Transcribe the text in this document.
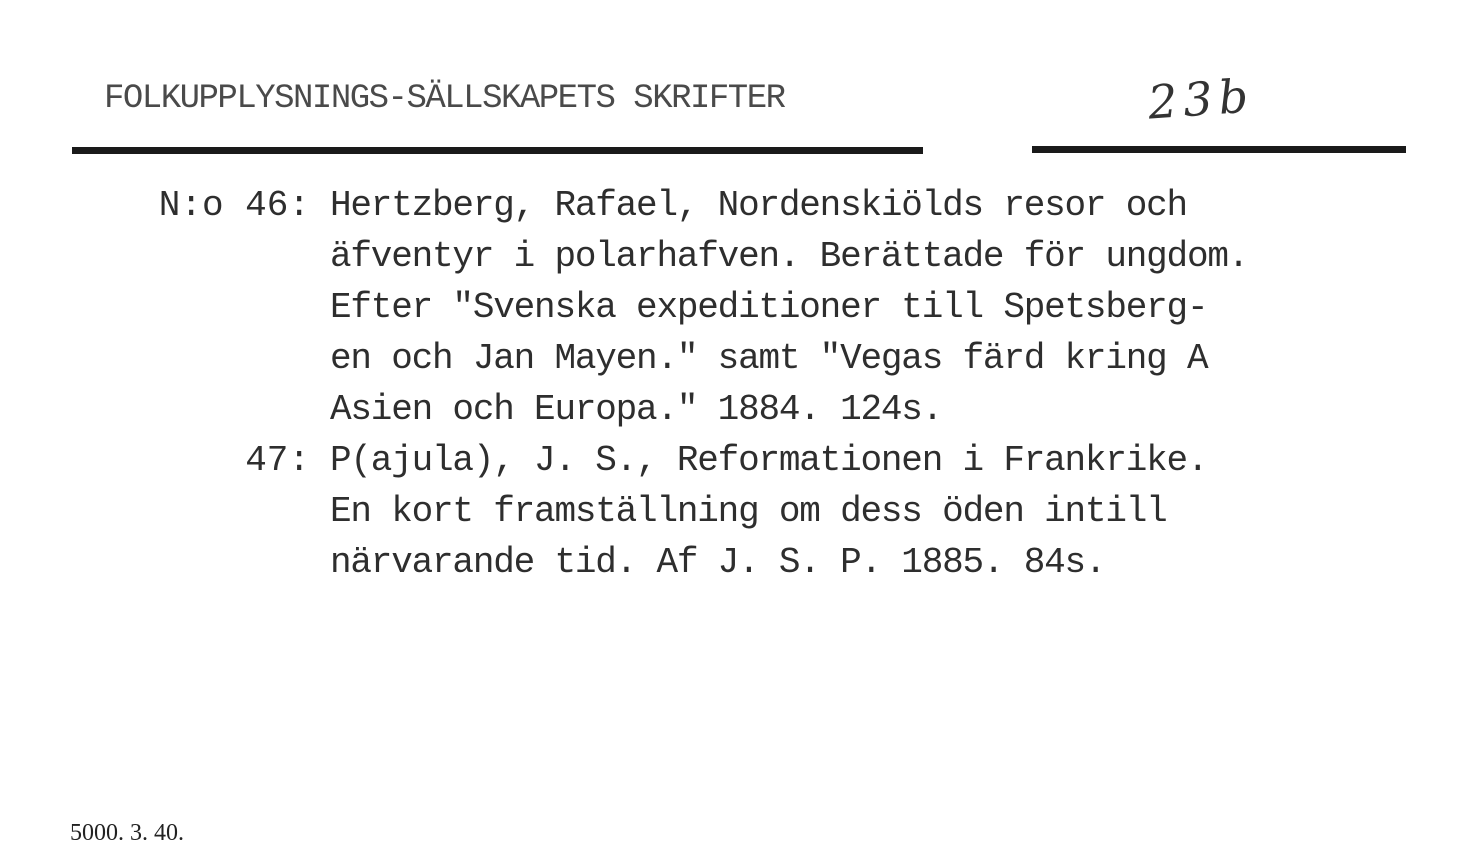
FOLKUPPLYSNINGS-SÄLLSKAPETS SKRIFTER	23b
N:o 46: Hertzberg, Rafael, Nordenskiölds resor och
äfventyr i polarhafven. Berättade för ungdom.
Efter "Svenska expeditioner till Spetsberg-
en och Jan Mayen." samt "Vegas färd kring A
Asien och Europa." 1884. 124s.
47: P(ajula), J. S., Reformationen i Frankrike.
En kort framställning om dess öden intill
närvarande tid. Af J. S. P. 1885. 84s.
5000. 3. 40.
